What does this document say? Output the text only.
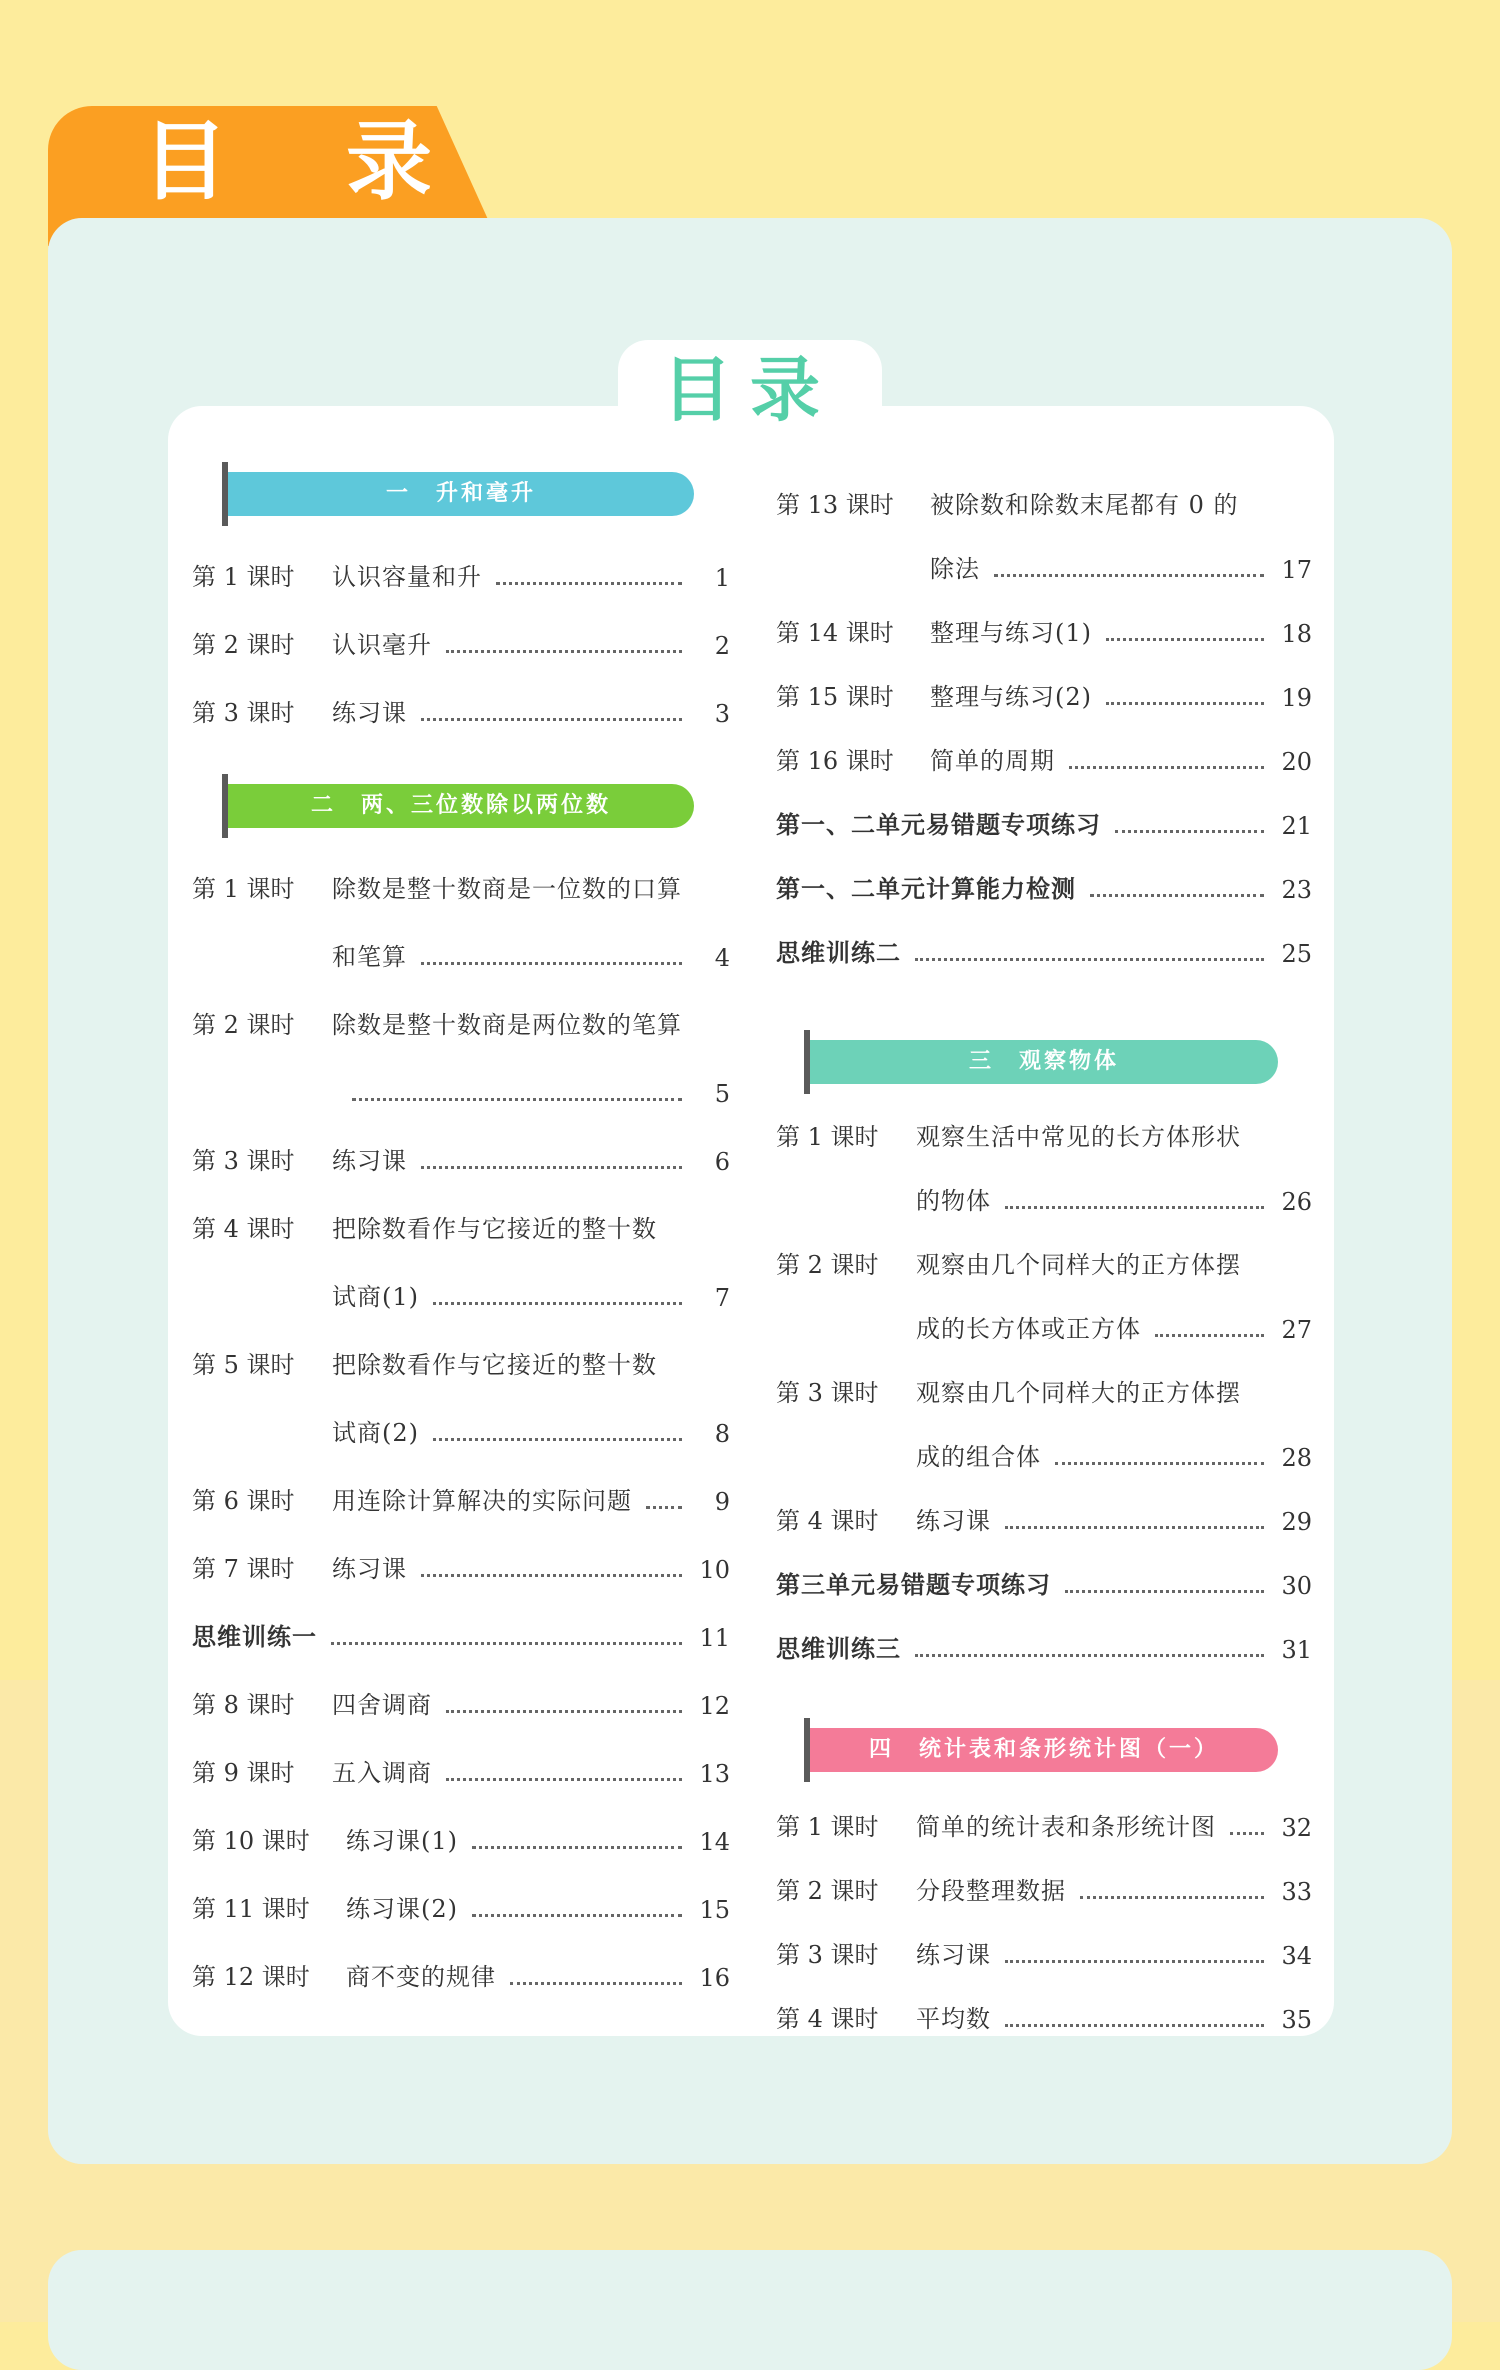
目 录
目录
一　升和毫升
第 1 课时	认识容量和升	1
第 2 课时	认识毫升	2
第 3 课时	练习课	3
二　两、三位数除以两位数
第 1 课时	除数是整十数商是一位数的口算
和笔算	4
第 2 课时	除数是整十数商是两位数的笔算
5
第 3 课时	练习课	6
第 4 课时	把除数看作与它接近的整十数
试商(1)	7
第 5 课时	把除数看作与它接近的整十数
试商(2)	8
第 6 课时	用连除计算解决的实际问题	9
第 7 课时	练习课	10
思维训练一	11
第 8 课时	四舍调商	12
第 9 课时	五入调商	13
第 10 课时	练习课(1)	14
第 11 课时	练习课(2)	15
第 12 课时	商不变的规律	16
第 13 课时	被除数和除数末尾都有 0 的
除法	17
第 14 课时	整理与练习(1)	18
第 15 课时	整理与练习(2)	19
第 16 课时	简单的周期	20
第一、二单元易错题专项练习	21
第一、二单元计算能力检测	23
思维训练二	25
三　观察物体
第 1 课时	观察生活中常见的长方体形状
的物体	26
第 2 课时	观察由几个同样大的正方体摆
成的长方体或正方体	27
第 3 课时	观察由几个同样大的正方体摆
成的组合体	28
第 4 课时	练习课	29
第三单元易错题专项练习	30
思维训练三	31
四　统计表和条形统计图（一）
第 1 课时	简单的统计表和条形统计图	32
第 2 课时	分段整理数据	33
第 3 课时	练习课	34
第 4 课时	平均数	35
